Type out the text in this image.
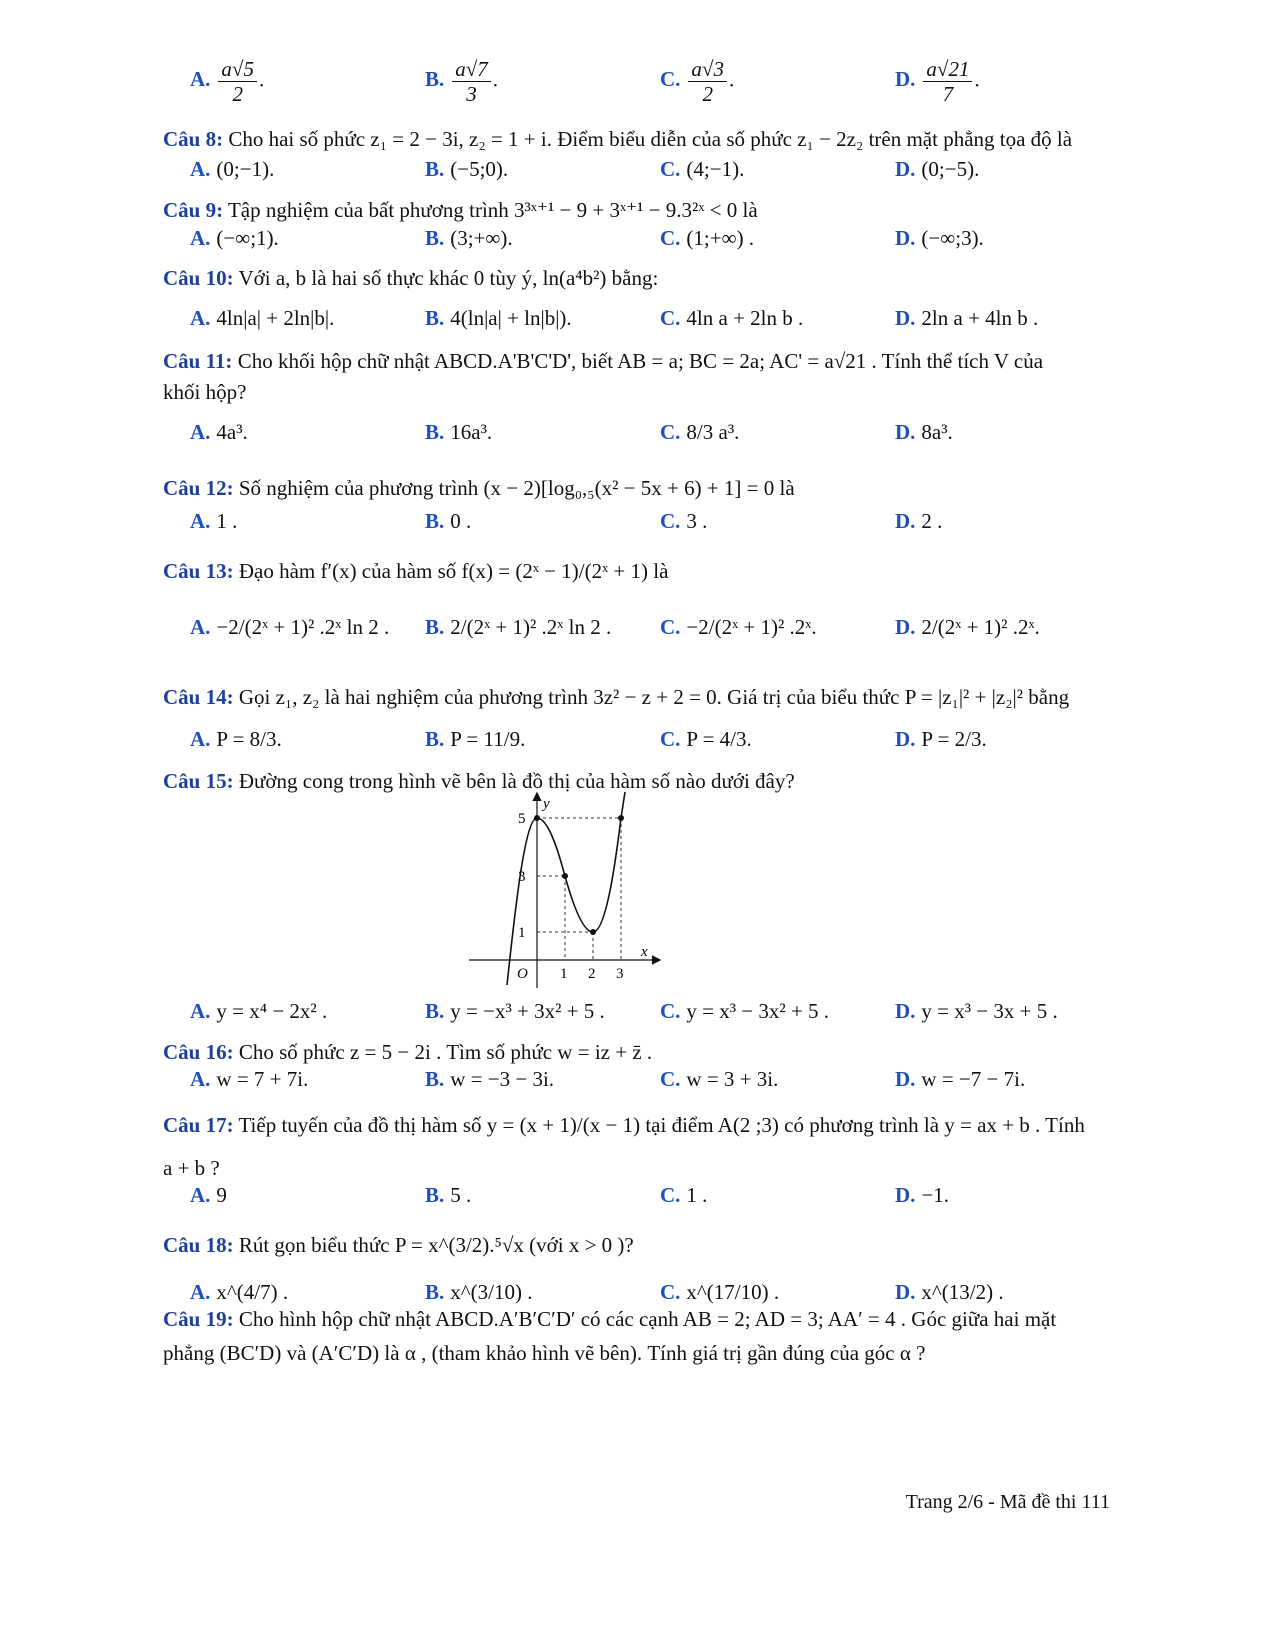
A. $\frac{a√5}{2}$ .	B. $\frac{a√7}{3}$ .	C. $\frac{a√3}{2}$ .	D. $\frac{a√21}{7}$ .
Câu 8: Cho hai số phức z₁ = 2 − 3i, z₂ = 1 + i. Điểm biểu diễn của số phức z₁ − 2z₂ trên mặt phẳng tọa độ là
A. (0;−1).	B. (−5;0).	C. (4;−1).	D. (0;−5).
Câu 9: Tập nghiệm của bất phương trình 3³ˣ⁺¹ − 9 + 3ˣ⁺¹ − 9.3²ˣ < 0 là
A. (−∞;1).	B. (3;+∞).	C. (1;+∞) .	D. (−∞;3).
Câu 10: Với a, b là hai số thực khác 0 tùy ý, ln(a⁴b²) bằng:
A. 4ln|a| + 2ln|b|.	B. 4(ln|a| + ln|b|).	C. 4ln a + 2ln b .	D. 2ln a + 4ln b .
Câu 11: Cho khối hộp chữ nhật ABCD.A'B'C'D', biết AB = a; BC = 2a; AC' = a√21 . Tính thể tích V của
khối hộp?
A. 4a³.	B. 16a³.	C. 8/3 a³.	D. 8a³.
Câu 12: Số nghiệm của phương trình (x − 2)[log₀,₅(x² − 5x + 6) + 1] = 0 là
A. 1 .	B. 0 .	C. 3 .	D. 2 .
Câu 13: Đạo hàm f′(x) của hàm số f(x) = (2ˣ − 1)/(2ˣ + 1) là
A. −2/(2ˣ + 1)² .2ˣ ln 2 . B. 2/(2ˣ + 1)² .2ˣ ln 2 . C. −2/(2ˣ + 1)² .2ˣ.	D. 2/(2ˣ + 1)² .2ˣ.
Câu 14: Gọi z₁, z₂ là hai nghiệm của phương trình 3z² − z + 2 = 0. Giá trị của biểu thức P = |z₁|² + |z₂|² bằng
A. P = 8/3.	B. P = 11/9.	C. P = 4/3.	D. P = 2/3.
Câu 15: Đường cong trong hình vẽ bên là đồ thị của hàm số nào dưới đây?
y
x
O
5
3
1
1 2 3
A. y = x⁴ − 2x² .	B. y = −x³ + 3x² + 5 .	C. y = x³ − 3x² + 5 .	D. y = x³ − 3x + 5 .
Câu 16: Cho số phức z = 5 − 2i . Tìm số phức w = iz + z̄ .
A. w = 7 + 7i.	B. w = −3 − 3i.	C. w = 3 + 3i.	D. w = −7 − 7i.
Câu 17: Tiếp tuyến của đồ thị hàm số y = (x + 1)/(x − 1) tại điểm A(2 ;3) có phương trình là y = ax + b . Tính
a + b ?
A. 9	B. 5 .	C. 1 .	D. −1.
Câu 18: Rút gọn biểu thức P = x^(3/2).⁵√x (với x > 0 )?
A. x^(4/7) .	B. x^(3/10) .	C. x^(17/10) .	D. x^(13/2) .
Câu 19: Cho hình hộp chữ nhật ABCD.A′B′C′D′ có các cạnh AB = 2; AD = 3; AA′ = 4 . Góc giữa hai mặt
phẳng (BC′D) và (A′C′D) là α , (tham khảo hình vẽ bên). Tính giá trị gần đúng của góc α ?
Trang 2/6 - Mã đề thi 111
